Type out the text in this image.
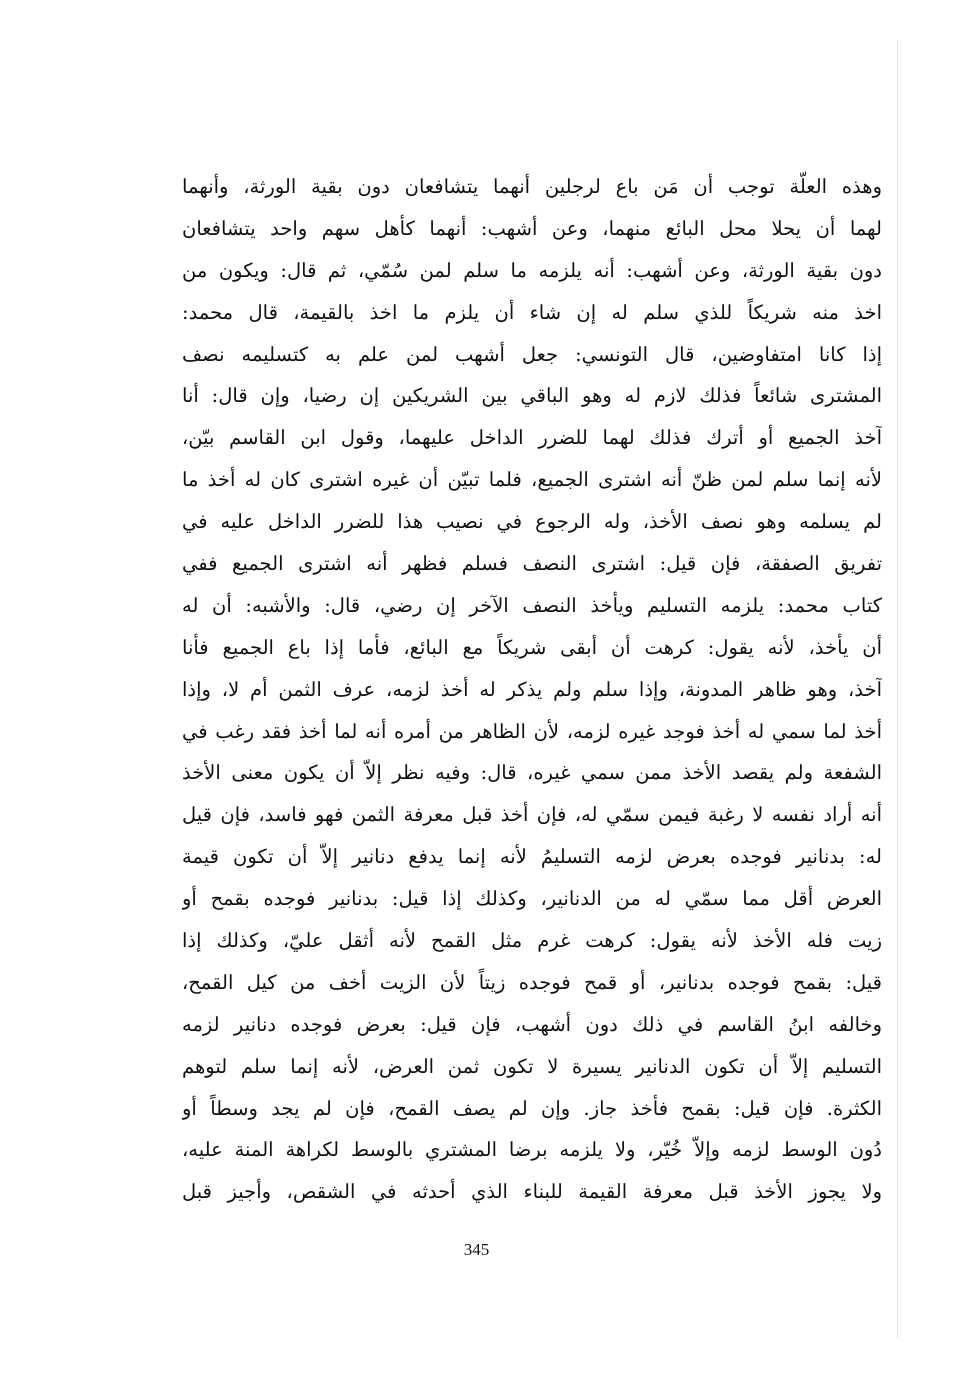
وهذه العلّة توجب أن مَن باع لرجلين أنهما يتشافعان دون بقية الورثة، وأنهما
لهما أن يحلا محل البائع منهما، وعن أشهب: أنهما كأهل سهم واحد يتشافعان
دون بقية الورثة، وعن أشهب: أنه يلزمه ما سلم لمن سُمّي، ثم قال: ويكون من
اخذ منه شريكاً للذي سلم له إن شاء أن يلزم ما اخذ بالقيمة، قال محمد:
إذا كانا امتفاوضين، قال التونسي: جعل أشهب لمن علم به كتسليمه نصف
المشترى شائعاً فذلك لازم له وهو الباقي بين الشريكين إن رضيا، وإن قال: أنا
آخذ الجميع أو أترك فذلك لهما للضرر الداخل عليهما، وقول ابن القاسم بيّن،
لأنه إنما سلم لمن ظنّ أنه اشترى الجميع، فلما تبيّن أن غيره اشترى كان له أخذ ما
لم يسلمه وهو نصف الأخذ، وله الرجوع في نصيب هذا للضرر الداخل عليه في
تفريق الصفقة، فإن قيل: اشترى النصف فسلم فظهر أنه اشترى الجميع ففي
كتاب محمد: يلزمه التسليم ويأخذ النصف الآخر إن رضي، قال: والأشبه: أن له
أن يأخذ، لأنه يقول: كرهت أن أبقى شريكاً مع البائع، فأما إذا باع الجميع فأنا
آخذ، وهو ظاهر المدونة، وإذا سلم ولم يذكر له أخذ لزمه، عرف الثمن أم لا، وإذا
أخذ لما سمي له أخذ فوجد غيره لزمه، لأن الظاهر من أمره أنه لما أخذ فقد رغب في
الشفعة ولم يقصد الأخذ ممن سمي غيره، قال: وفيه نظر إلاّ أن يكون معنى الأخذ
أنه أراد نفسه لا رغبة فيمن سمّي له، فإن أخذ قبل معرفة الثمن فهو فاسد، فإن قيل
له: بدنانير فوجده بعرض لزمه التسليمُ لأنه إنما يدفع دنانير إلاّ أن تكون قيمة
العرض أقل مما سمّي له من الدنانير، وكذلك إذا قيل: بدنانير فوجده بقمح أو
زيت فله الأخذ لأنه يقول: كرهت غرم مثل القمح لأنه أثقل عليّ، وكذلك إذا
قيل: بقمح فوجده بدنانير، أو قمح فوجده زيتاً لأن الزيت أخف من كيل القمح،
وخالفه ابنُ القاسم في ذلك دون أشهب، فإن قيل: بعرض فوجده دنانير لزمه
التسليم إلاّ أن تكون الدنانير يسيرة لا تكون ثمن العرض، لأنه إنما سلم لتوهم
الكثرة. فإن قيل: بقمح فأخذ جاز. وإن لم يصف القمح، فإن لم يجد وسطاً أو
دُون الوسط لزمه وإلاّ خُيّر، ولا يلزمه برضا المشتري بالوسط لكراهة المنة عليه،
ولا يجوز الأخذ قبل معرفة القيمة للبناء الذي أحدثه في الشقص، وأجيز قبل
345
